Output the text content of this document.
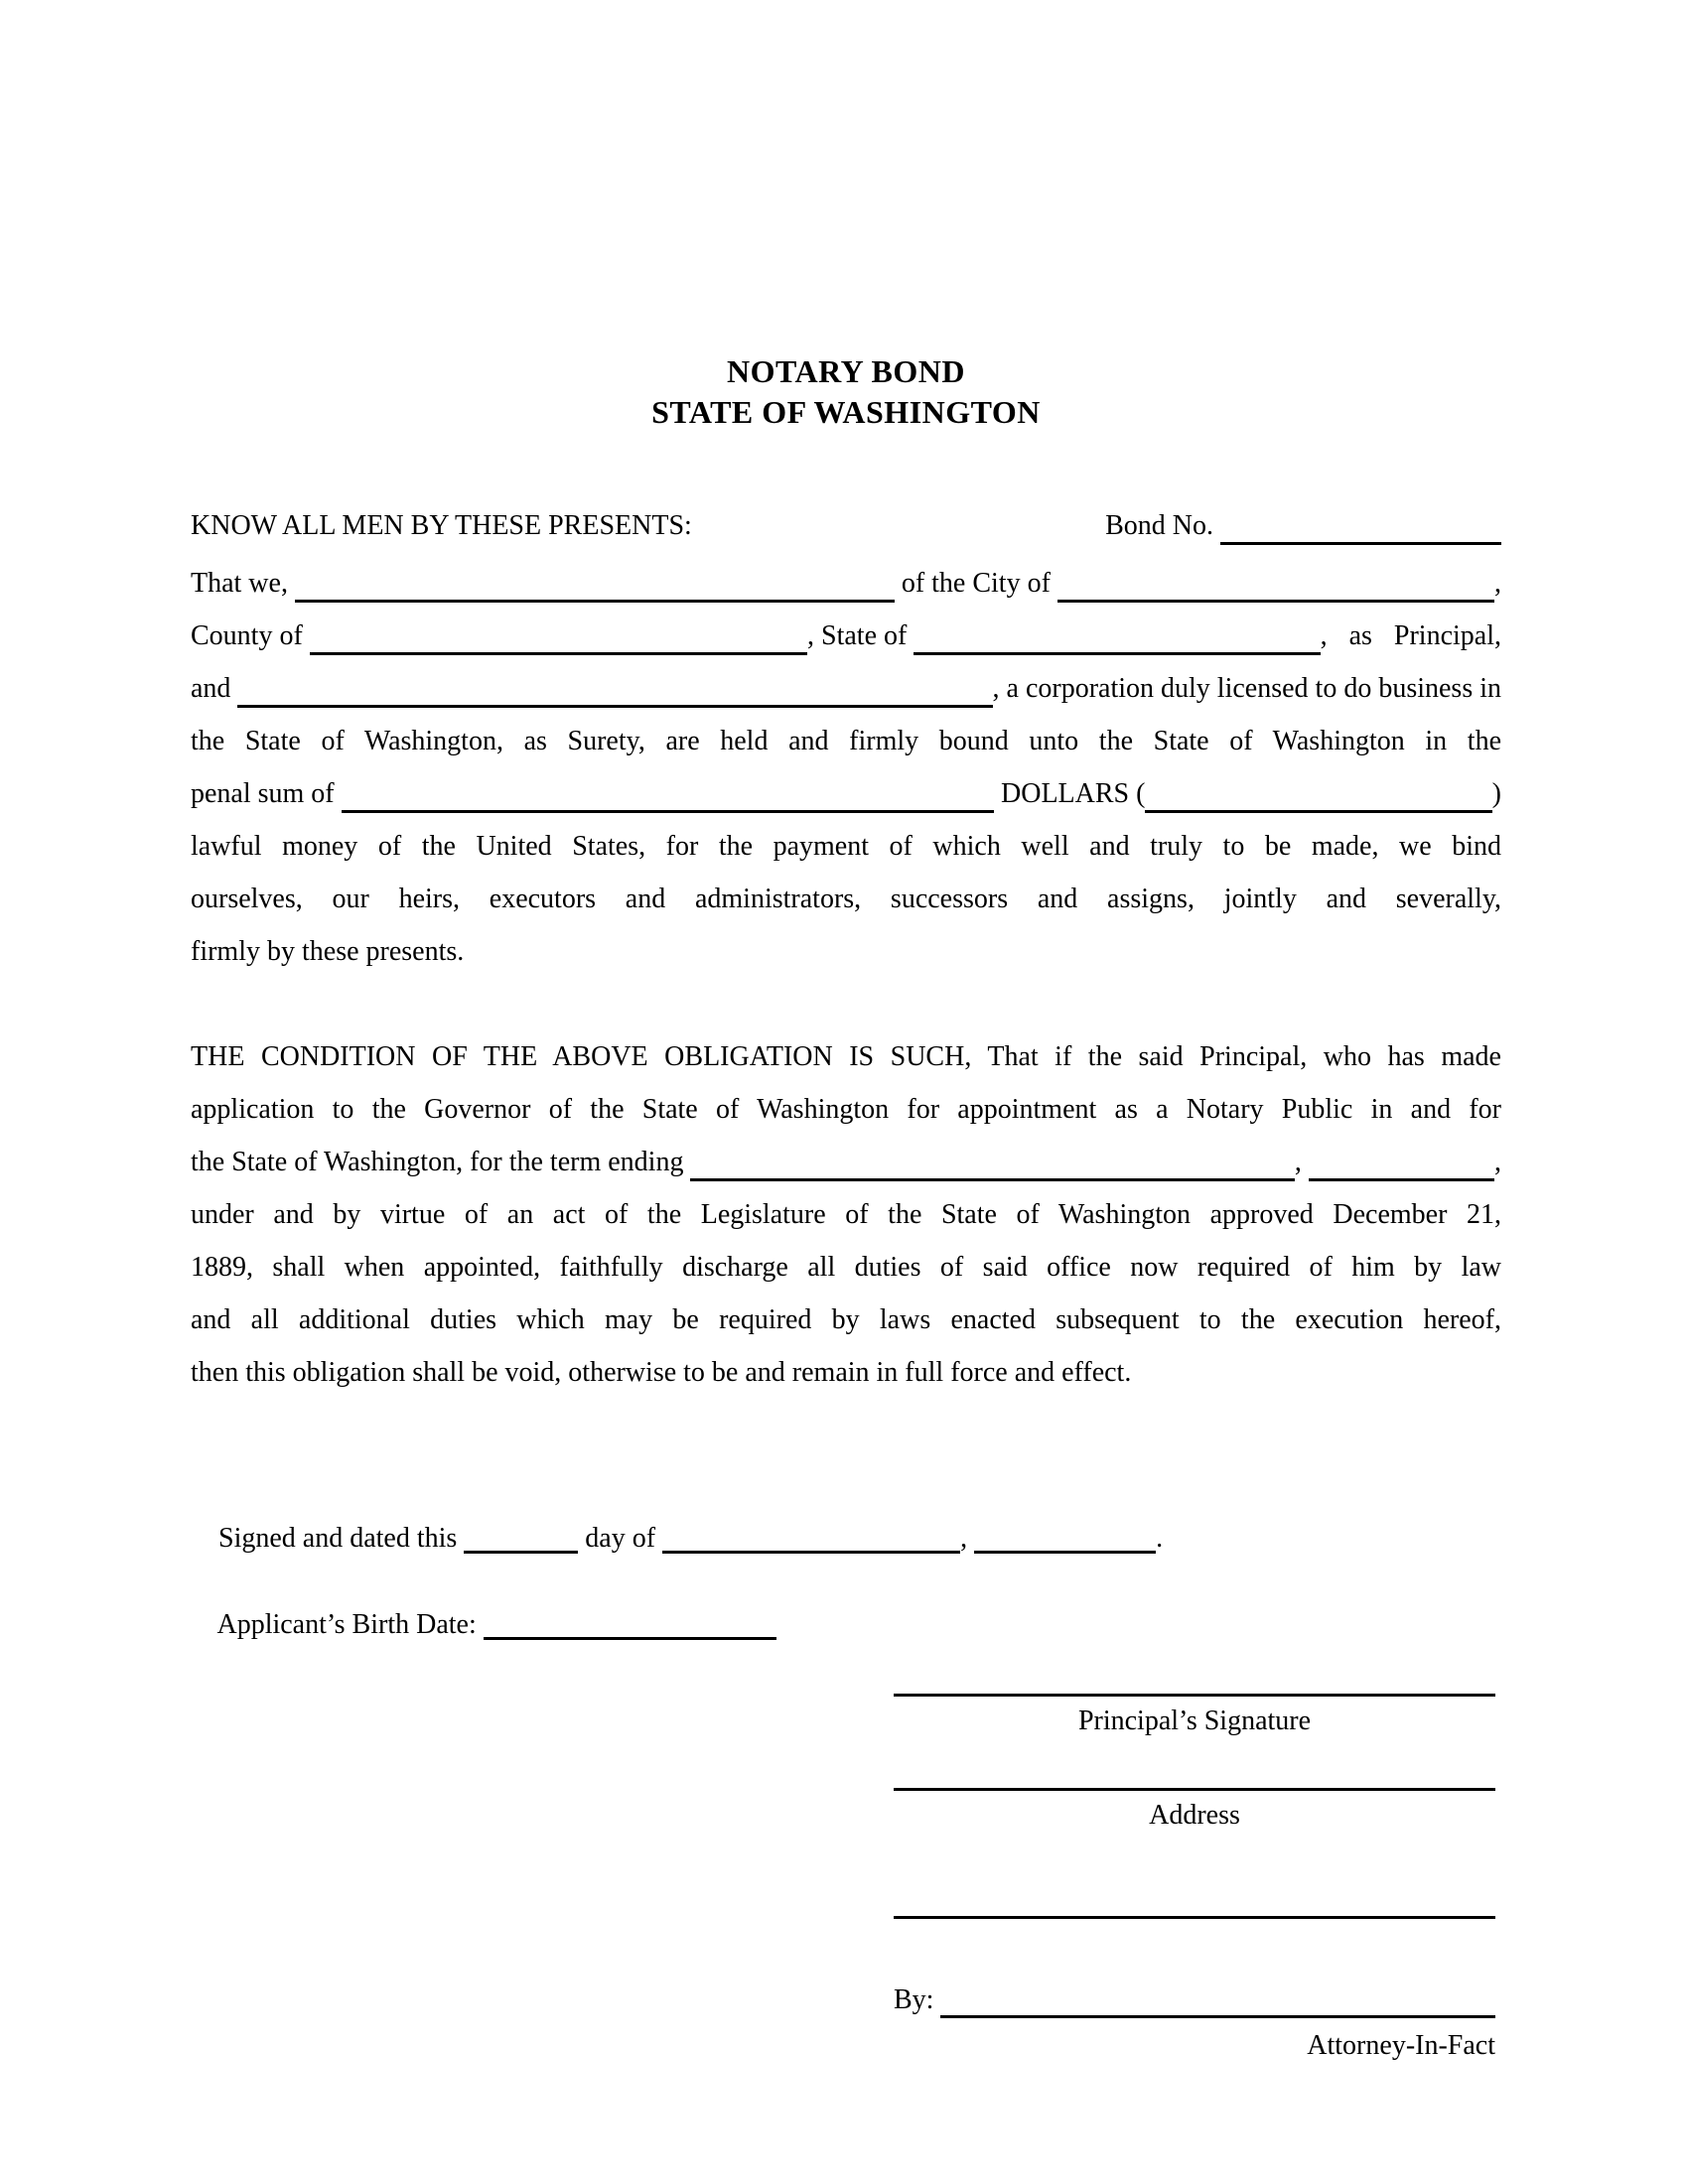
NOTARY BOND
STATE OF WASHINGTON
KNOW ALL MEN BY THESE PRESENTS:	Bond No.
That we,	of the City of	,
County of	, State of	, as Principal,
and	, a corporation duly licensed to do business in
the State of Washington, as Surety, are held and firmly bound unto the State of Washington in the
penal sum of	DOLLARS (	)
lawful money of the United States, for the payment of which well and truly to be made, we bind
ourselves, our heirs, executors and administrators, successors and assigns, jointly and severally,
firmly by these presents.
THE CONDITION OF THE ABOVE OBLIGATION IS SUCH, That if the said Principal, who has made
application to the Governor of the State of Washington for appointment as a Notary Public in and for
the State of Washington, for the term ending	,	,
under and by virtue of an act of the Legislature of the State of Washington approved December 21,
1889, shall when appointed, faithfully discharge all duties of said office now required of him by law
and all additional duties which may be required by laws enacted subsequent to the execution hereof,
then this obligation shall be void, otherwise to be and remain in full force and effect.

Signed and dated this	day of	,	.

Applicant’s Birth Date:

Principal’s Signature
Address
By:
Attorney-In-Fact
